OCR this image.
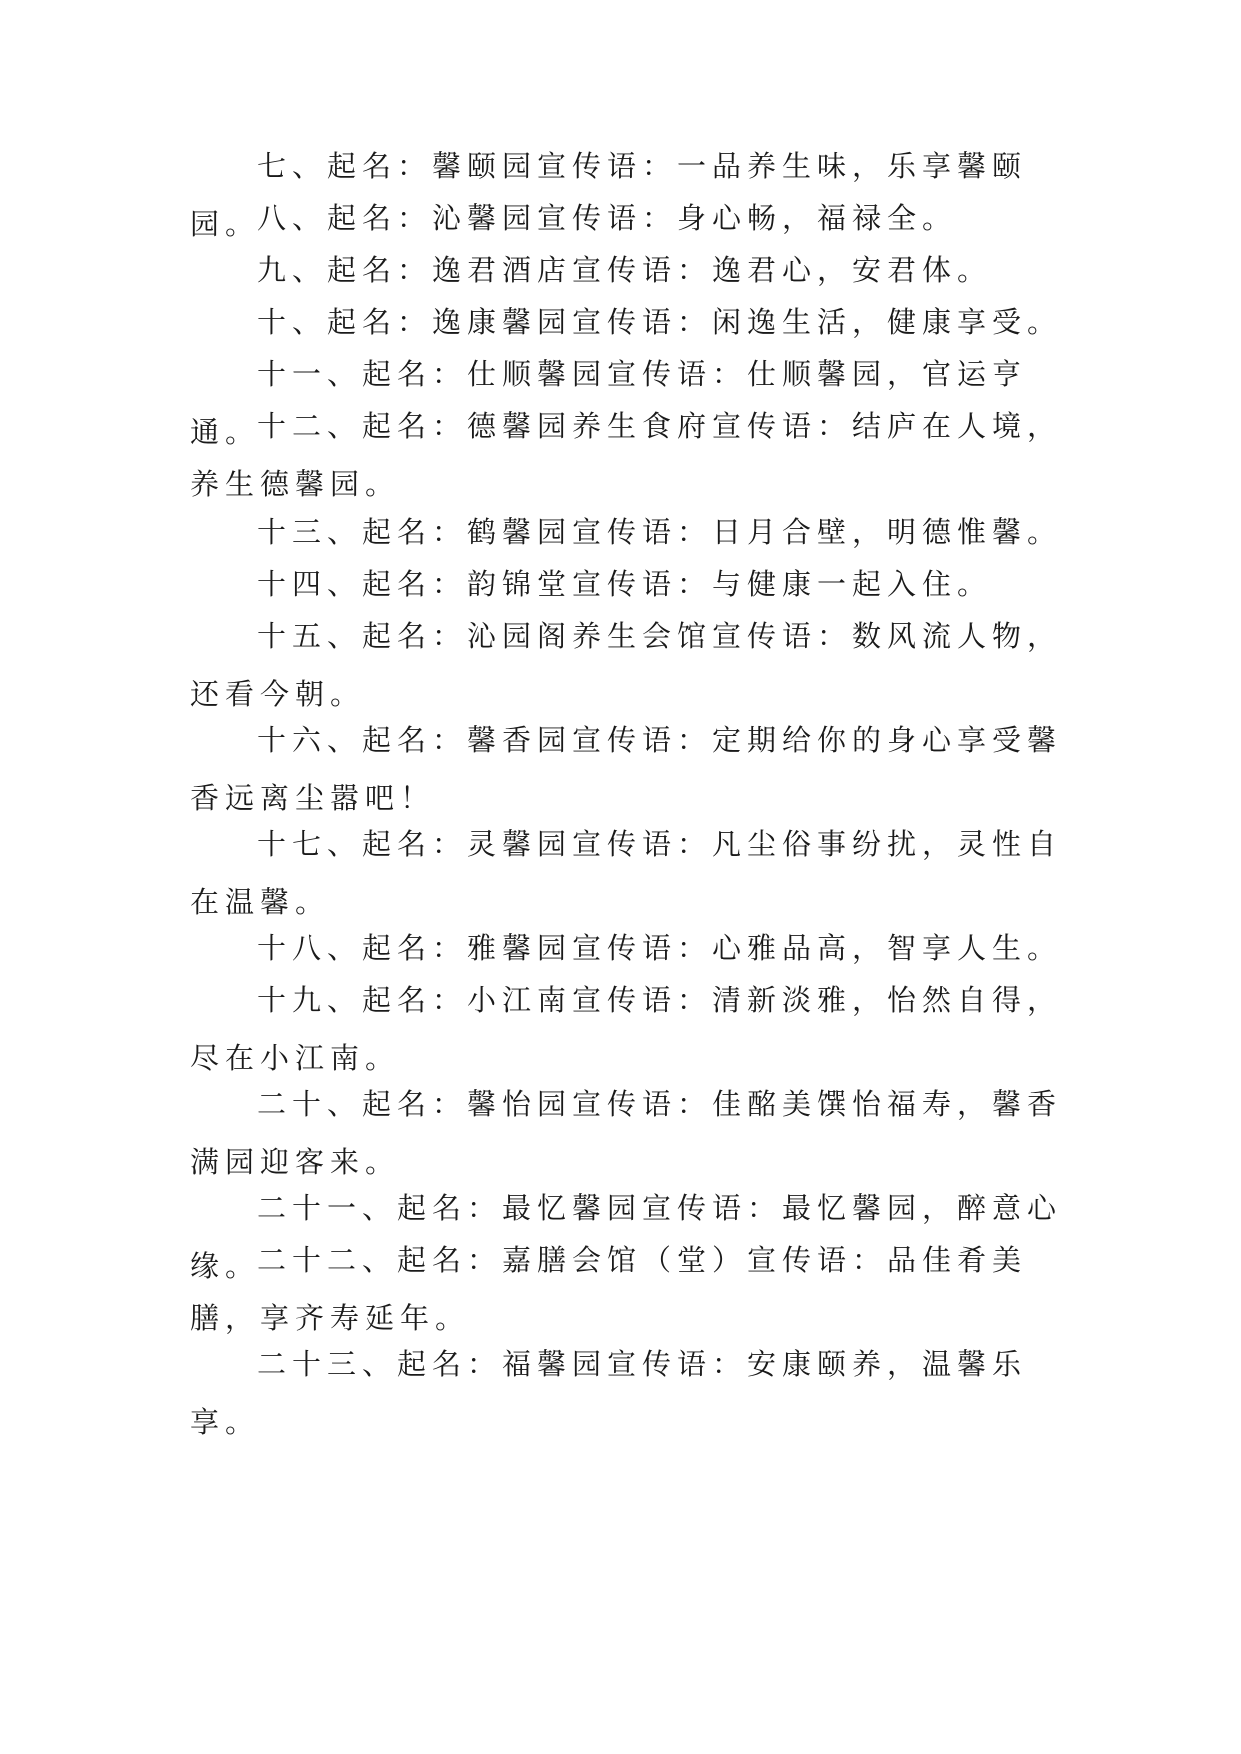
七、起名：馨颐园宣传语：一品养生味，乐享馨颐园。

八、起名：沁馨园宣传语：身心畅，福禄全。

九、起名：逸君酒店宣传语：逸君心，安君体。

十、起名：逸康馨园宣传语：闲逸生活，健康享受。

十一、起名：仕顺馨园宣传语：仕顺馨园，官运亨通。

十二、起名：德馨园养生食府宣传语：结庐在人境，养生德馨园。

十三、起名：鹤馨园宣传语：日月合壁，明德惟馨。

十四、起名：韵锦堂宣传语：与健康一起入住。

十五、起名：沁园阁养生会馆宣传语：数风流人物，还看今朝。

十六、起名：馨香园宣传语：定期给你的身心享受馨香远离尘嚣吧！

十七、起名：灵馨园宣传语：凡尘俗事纷扰，灵性自在温馨。

十八、起名：雅馨园宣传语：心雅品高，智享人生。

十九、起名：小江南宣传语：清新淡雅，怡然自得，尽在小江南。

二十、起名：馨怡园宣传语：佳酩美馔怡福寿，馨香满园迎客来。

二十一、起名：最忆馨园宣传语：最忆馨园，醉意心缘。

二十二、起名：嘉膳会馆（堂）宣传语：品佳肴美膳，享齐寿延年。

二十三、起名：福馨园宣传语：安康颐养，温馨乐享。
